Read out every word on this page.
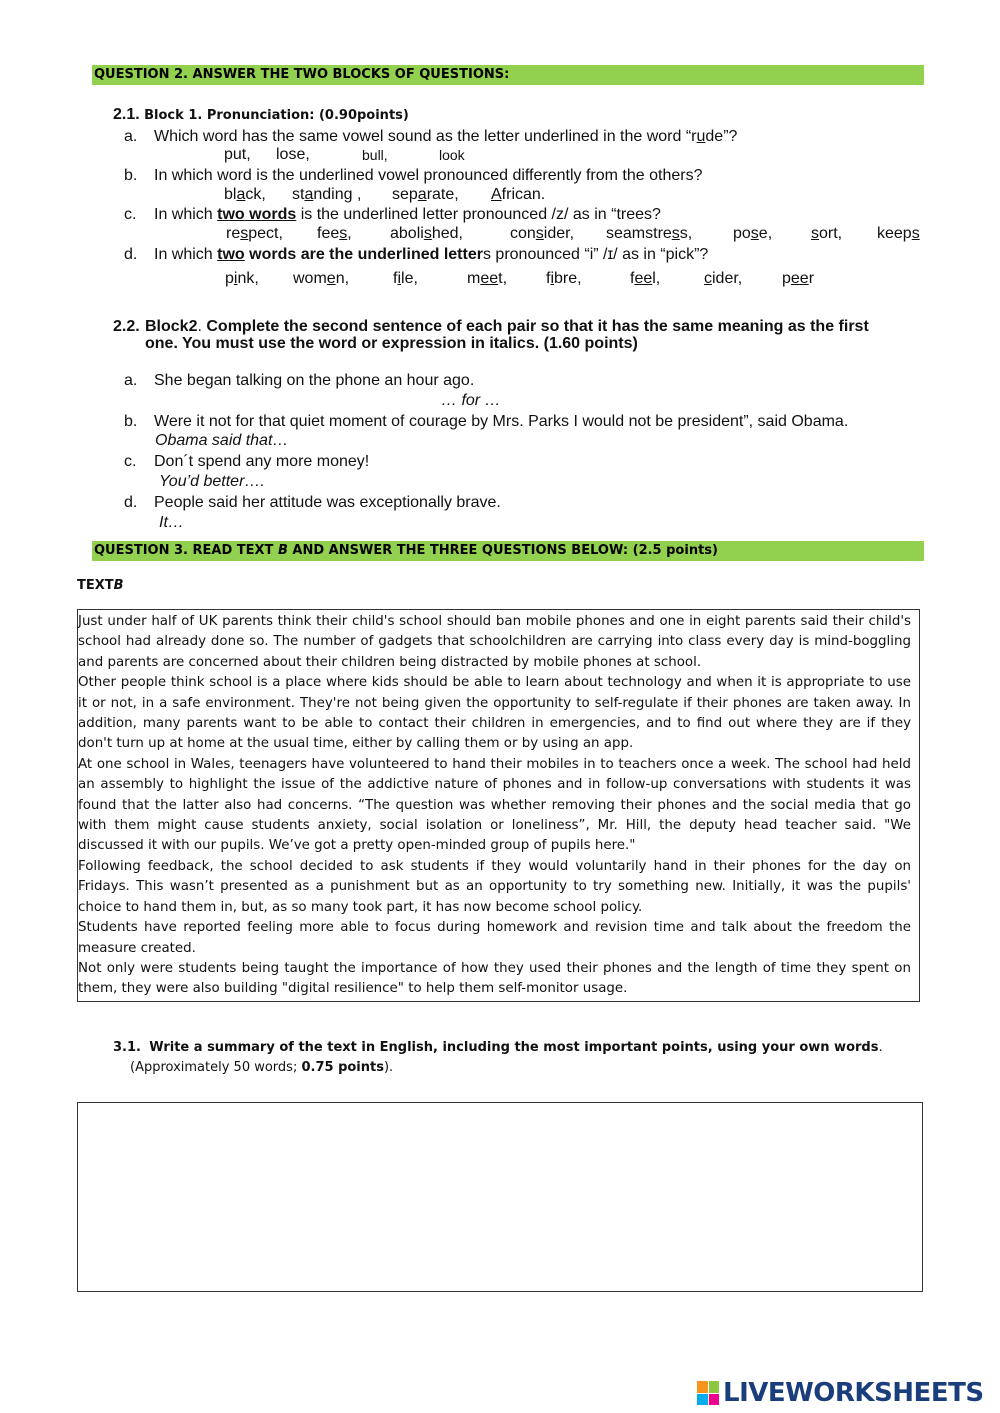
QUESTION 2. ANSWER THE TWO BLOCKS OF QUESTIONS:
2.1. Block 1. Pronunciation: (0.90points)
a. Which word has the same vowel sound as the letter underlined in the word “rude”?
put, lose,	bull,	look
b. In which word is the underlined vowel pronounced differently from the others?
black, standing , separate, African.
c. In which two words is the underlined letter pronounced /z/ as in “trees?
respect, fees, abolished,	consider, seamstress,	pose, sort, keeps
d. In which two words are the underlined letters pronounced “i” /ɪ/ as in “pick”?
pink, women,	file,	meet, fibre,	feel,	cider, peer
2.2. Block2. Complete the second sentence of each pair so that it has the same meaning as the first
one. You must use the word or expression in italics. (1.60 points)
a. She began talking on the phone an hour ago.
… for …
b. Were it not for that quiet moment of courage by Mrs. Parks I would not be president”, said Obama.
Obama said that…
c. Don´t spend any more money!
You’d better….
d. People said her attitude was exceptionally brave.
It…
QUESTION 3. READ TEXT B AND ANSWER THE THREE QUESTIONS BELOW: (2.5 points)
TEXTB

Just under half of UK parents think their child's school should ban mobile phones and one in eight parents said their child's school had already done so. The number of gadgets that schoolchildren are carrying into class every day is mind-boggling and parents are concerned about their children being distracted by mobile phones at school.

Other people think school is a place where kids should be able to learn about technology and when it is appropriate to use it or not, in a safe environment. They're not being given the opportunity to self-regulate if their phones are taken away. In addition, many parents want to be able to contact their children in emergencies, and to find out where they are if they don't turn up at home at the usual time, either by calling them or by using an app.

At one school in Wales, teenagers have volunteered to hand their mobiles in to teachers once a week. The school had held an assembly to highlight the issue of the addictive nature of phones and in follow-up conversations with students it was found that the latter also had concerns. “The question was whether removing their phones and the social media that go with them might cause students anxiety, social isolation or loneliness”, Mr. Hill, the deputy head teacher said. "We discussed it with our pupils. We’ve got a pretty open-minded group of pupils here."

Following feedback, the school decided to ask students if they would voluntarily hand in their phones for the day on Fridays. This wasn’t presented as a punishment but as an opportunity to try something new. Initially, it was the pupils' choice to hand them in, but, as so many took part, it has now become school policy.

Students have reported feeling more able to focus during homework and revision time and talk about the freedom the measure created.

Not only were students being taught the importance of how they used their phones and the length of time they spent on them, they were also building "digital resilience" to help them self-monitor usage.

3.1. Write a summary of the text in English, including the most important points, using your own words.
(Approximately 50 words; 0.75 points).
LIVEWORKSHEETS
